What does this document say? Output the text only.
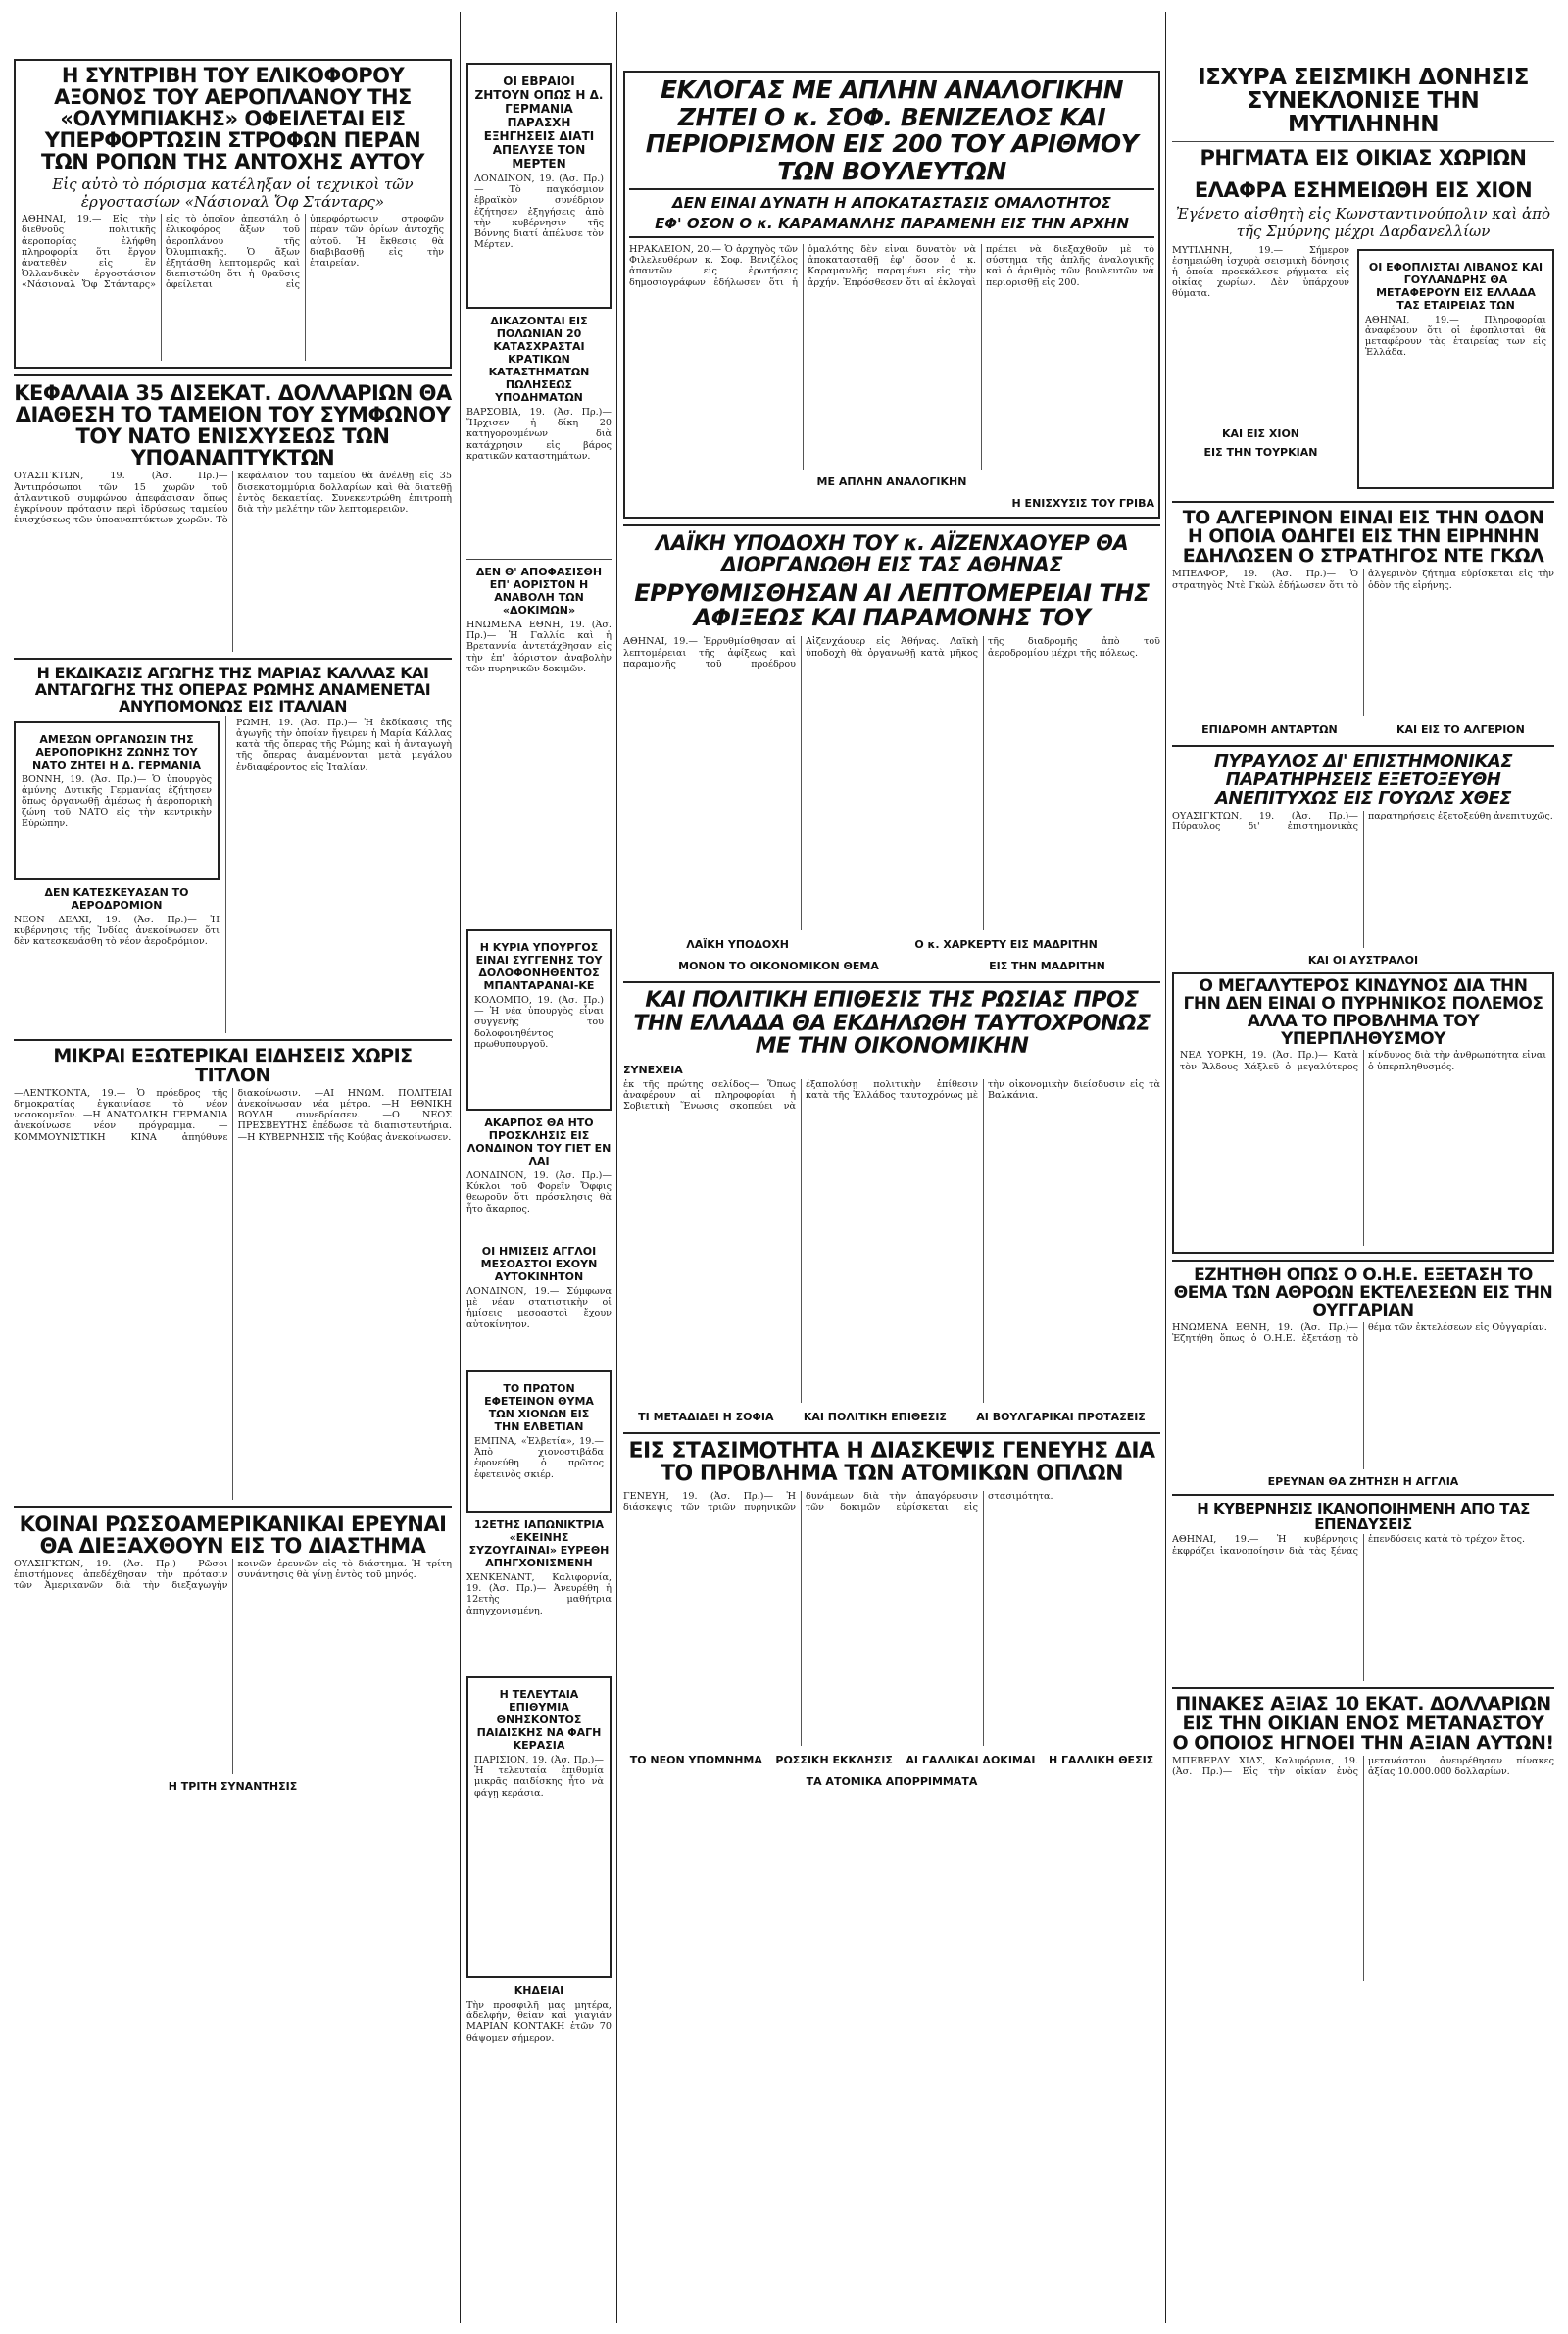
Η ΣΥΝΤΡΙΒΗ ΤΟΥ ΕΛΙΚΟΦΟΡΟΥ ΑΞΟΝΟΣ ΤΟΥ ΑΕΡΟΠΛΑΝΟΥ ΤΗΣ «ΟΛΥΜΠΙΑΚΗΣ» ΟΦΕΙΛΕΤΑΙ ΕΙΣ ΥΠΕΡΦΟΡΤΩΣΙΝ ΣΤΡΟΦΩΝ ΠΕΡΑΝ ΤΩΝ ΡΟΠΩΝ ΤΗΣ ΑΝΤΟΧΗΣ ΑΥΤΟΥ
Εἰς αὐτὸ τὸ πόρισμα κατέληξαν οἱ τεχνικοὶ τῶν ἐργοστασίων «Νάσιοναλ Ὄφ Στάνταρς»

ΑΘΗΝΑΙ, 19.— Εἰς τὴν διεθνοῦς πολιτικῆς ἀεροπορίας ἐλήφθη πληροφορία ὅτι ἔργον ἀνατεθὲν εἰς ἓν Ὀλλανδικὸν ἐργοστάσιον «Νάσιοναλ Ὄφ Στάνταρς» εἰς τὸ ὁποῖον ἀπεστάλη ὁ ἐλικοφόρος ἄξων τοῦ ἀεροπλάνου τῆς Ὀλυμπιακῆς. Ὁ ἄξων ἐξητάσθη λεπτομερῶς καὶ διεπιστώθη ὅτι ἡ θραῦσις ὀφείλεται εἰς ὑπερφόρτωσιν στροφῶν πέραν τῶν ὁρίων ἀντοχῆς αὐτοῦ. Ἡ ἔκθεσις θὰ διαβιβασθῇ εἰς τὴν ἐταιρείαν.

ΚΕΦΑΛΑΙΑ 35 ΔΙΣΕΚΑΤ. ΔΟΛΛΑΡΙΩΝ ΘΑ ΔΙΑΘΕΣΗ ΤΟ ΤΑΜΕΙΟΝ ΤΟΥ ΣΥΜΦΩΝΟΥ ΤΟΥ ΝΑΤΟ ΕΝΙΣΧΥΣΕΩΣ ΤΩΝ ΥΠΟΑΝΑΠΤΥΚΤΩΝ

ΟΥΑΣΙΓΚΤΩΝ, 19. (Ἀσ. Πρ.)— Ἀντιπρόσωποι τῶν 15 χωρῶν τοῦ ἀτλαντικοῦ συμφώνου ἀπεφάσισαν ὅπως ἐγκρίνουν πρότασιν περὶ ἱδρύσεως ταμείου ἐνισχύσεως τῶν ὑποαναπτύκτων χωρῶν. Τὸ κεφάλαιον τοῦ ταμείου θὰ ἀνέλθῃ εἰς 35 δισεκατομμύρια δολλαρίων καὶ θὰ διατεθῇ ἐντὸς δεκαετίας. Συνεκεντρώθη ἐπιτροπὴ διὰ τὴν μελέτην τῶν λεπτομερειῶν.

Η ΕΚΔΙΚΑΣΙΣ ΑΓΩΓΗΣ ΤΗΣ ΜΑΡΙΑΣ ΚΑΛΛΑΣ ΚΑΙ ΑΝΤΑΓΩΓΗΣ ΤΗΣ ΟΠΕΡΑΣ ΡΩΜΗΣ ΑΝΑΜΕΝΕΤΑΙ ΑΝΥΠΟΜΟΝΩΣ ΕΙΣ ΙΤΑΛΙΑΝ
ΑΜΕΣΩΝ ΟΡΓΑΝΩΣΙΝ ΤΗΣ ΑΕΡΟΠΟΡΙΚΗΣ ΖΩΝΗΣ ΤΟΥ ΝΑΤΟ ΖΗΤΕΙ Η Δ. ΓΕΡΜΑΝΙΑ

ΒΟΝΝΗ, 19. (Ἀσ. Πρ.)— Ὁ ὑπουργὸς ἀμύνης Δυτικῆς Γερμανίας ἐζήτησεν ὅπως ὀργανωθῇ ἀμέσως ἡ ἀεροπορικὴ ζώνη τοῦ ΝΑΤΟ εἰς τὴν κεντρικὴν Εὐρώπην.

ΔΕΝ ΚΑΤΕΣΚΕΥΑΣΑΝ ΤΟ ΑΕΡΟΔΡΟΜΙΟΝ

ΝΕΟΝ ΔΕΛΧΙ, 19. (Ἀσ. Πρ.)— Ἡ κυβέρνησις τῆς Ἰνδίας ἀνεκοίνωσεν ὅτι δὲν κατεσκευάσθη τὸ νέον ἀεροδρόμιον.

ΡΩΜΗ, 19. (Ἀσ. Πρ.)— Ἡ ἐκδίκασις τῆς ἀγωγῆς τὴν ὁποίαν ἤγειρεν ἡ Μαρία Κάλλας κατὰ τῆς ὄπερας τῆς Ρώμης καὶ ἡ ἀνταγωγὴ τῆς ὄπερας ἀναμένονται μετὰ μεγάλου ἐνδιαφέροντος εἰς Ἰταλίαν.

ΜΙΚΡΑΙ ΕΞΩΤΕΡΙΚΑΙ ΕΙΔΗΣΕΙΣ ΧΩΡΙΣ ΤΙΤΛΟΝ

—ΛΕΝΤΚΟΝΤΑ, 19.— Ὁ πρόεδρος τῆς δημοκρατίας ἐγκαινίασε τὸ νέον νοσοκομεῖον. —Η ΑΝΑΤΟΛΙΚΗ ΓΕΡΜΑΝΙΑ ἀνεκοίνωσε νέον πρόγραμμα. —ΚΟΜΜΟΥΝΙΣΤΙΚΗ ΚΙΝΑ ἀπηύθυνε διακοίνωσιν. —ΑΙ ΗΝΩΜ. ΠΟΛΙΤΕΙΑΙ ἀνεκοίνωσαν νέα μέτρα. —Η ΕΘΝΙΚΗ ΒΟΥΛΗ συνεδρίασεν. —Ο ΝΕΟΣ ΠΡΕΣΒΕΥΤΗΣ ἐπέδωσε τὰ διαπιστευτήρια. —Η ΚΥΒΕΡΝΗΣΙΣ τῆς Κούβας ἀνεκοίνωσεν.

ΚΟΙΝΑΙ ΡΩΣΣΟΑΜΕΡΙΚΑΝΙΚΑΙ ΕΡΕΥΝΑΙ ΘΑ ΔΙΕΞΑΧΘΟΥΝ ΕΙΣ ΤΟ ΔΙΑΣΤΗΜΑ

ΟΥΑΣΙΓΚΤΩΝ, 19. (Ἀσ. Πρ.)— Ρῶσοι ἐπιστήμονες ἀπεδέχθησαν τὴν πρότασιν τῶν Ἀμερικανῶν διὰ τὴν διεξαγωγὴν κοινῶν ἐρευνῶν εἰς τὸ διάστημα. Ἡ τρίτη συνάντησις θὰ γίνῃ ἐντὸς τοῦ μηνός.

Η ΤΡΙΤΗ ΣΥΝΑΝΤΗΣΙΣ
ΟΙ ΕΒΡΑΙΟΙ ΖΗΤΟΥΝ ΟΠΩΣ Η Δ. ΓΕΡΜΑΝΙΑ ΠΑΡΑΣΧΗ ΕΞΗΓΗΣΕΙΣ ΔΙΑΤΙ ΑΠΕΛΥΣΕ ΤΟΝ ΜΕΡΤΕΝ

ΛΟΝΔΙΝΟΝ, 19. (Ἀσ. Πρ.)— Τὸ παγκόσμιον ἑβραϊκὸν συνέδριον ἐζήτησεν ἐξηγήσεις ἀπὸ τὴν κυβέρνησιν τῆς Βόννης διατί ἀπέλυσε τὸν Μέρτεν.

ΔΙΚΑΖΟΝΤΑΙ ΕΙΣ ΠΟΛΩΝΙΑΝ 20 ΚΑΤΑΣΧΡΑΣΤΑΙ ΚΡΑΤΙΚΩΝ ΚΑΤΑΣΤΗΜΑΤΩΝ ΠΩΛΗΣΕΩΣ ΥΠΟΔΗΜΑΤΩΝ

ΒΑΡΣΟΒΙΑ, 19. (Ἀσ. Πρ.)— Ἤρχισεν ἡ δίκη 20 κατηγορουμένων διὰ κατάχρησιν εἰς βάρος κρατικῶν καταστημάτων.

ΔΕΝ Θ' ΑΠΟΦΑΣΙΣΘΗ ΕΠ' ΑΟΡΙΣΤΟΝ Η ΑΝΑΒΟΛΗ ΤΩΝ «ΔΟΚΙΜΩΝ»

ΗΝΩΜΕΝΑ ΕΘΝΗ, 19. (Ἀσ. Πρ.)— Ἡ Γαλλία καὶ ἡ Βρεταννία ἀντετάχθησαν εἰς τὴν ἐπ' ἀόριστον ἀναβολὴν τῶν πυρηνικῶν δοκιμῶν.

Η ΚΥΡΙΑ ΥΠΟΥΡΓΟΣ ΕΙΝΑΙ ΣΥΓΓΕΝΗΣ ΤΟΥ ΔΟΛΟΦΟΝΗΘΕΝΤΟΣ ΜΠΑΝΤΑΡΑΝΑΙ-ΚΕ

ΚΟΛΟΜΠΟ, 19. (Ἀσ. Πρ.)— Ἡ νέα ὑπουργὸς εἶναι συγγενὴς τοῦ δολοφονηθέντος πρωθυπουργοῦ.

ΑΚΑΡΠΟΣ ΘΑ ΗΤΟ ΠΡΟΣΚΛΗΣΙΣ ΕΙΣ ΛΟΝΔΙΝΟΝ ΤΟΥ ΓΙΕΤ ΕΝ ΛΑΙ

ΛΟΝΔΙΝΟΝ, 19. (Ἀσ. Πρ.)— Κύκλοι τοῦ Φορεΐν Ὄφφις θεωροῦν ὅτι πρόσκλησις θὰ ἦτο ἄκαρπος.

ΟΙ ΗΜΙΣΕΙΣ ΑΓΓΛΟΙ ΜΕΣΟΑΣΤΟΙ ΕΧΟΥΝ ΑΥΤΟΚΙΝΗΤΟΝ

ΛΟΝΔΙΝΟΝ, 19.— Σύμφωνα μὲ νέαν στατιστικὴν οἱ ἡμίσεις μεσοαστοὶ ἔχουν αὐτοκίνητον.

ΤΟ ΠΡΩΤΟΝ ΕΦΕΤΕΙΝΟΝ ΘΥΜΑ ΤΩΝ ΧΙΟΝΩΝ ΕΙΣ ΤΗΝ ΕΛΒΕΤΙΑΝ

ΕΜΠΝΑ, «Ἑλβετία», 19.— Ἀπὸ χιονοστιβάδα ἐφονεύθη ὁ πρῶτος ἐφετεινὸς σκιέρ.

12ΕΤΗΣ ΙΑΠΩΝΙΚΤΡΙΑ «ΕΚΕΙΝΗΣ ΣΥΖΟΥΓΑΙΝΑΙ» ΕΥΡΕΘΗ ΑΠΗΓΧΟΝΙΣΜΕΝΗ

ΧΕΝΚΕΝΑΝΤ, Καλιφορνία, 19. (Ἀσ. Πρ.)— Ἀνευρέθη ἡ 12ετὴς μαθήτρια ἀπηγχονισμένη.

Η ΤΕΛΕΥΤΑΙΑ ΕΠΙΘΥΜΙΑ ΘΝΗΣΚΟΝΤΟΣ ΠΑΙΔΙΣΚΗΣ ΝΑ ΦΑΓΗ ΚΕΡΑΣΙΑ

ΠΑΡΙΣΙΟΝ, 19. (Ἀσ. Πρ.)— Ἡ τελευταία ἐπιθυμία μικρᾶς παιδίσκης ἦτο νὰ φάγῃ κεράσια.

ΚΗΔΕΙΑΙ

Τὴν προσφιλῆ μας μητέρα, ἀδελφήν, θείαν καὶ γιαγιάν ΜΑΡΙΑΝ ΚΟΝΤΑΚΗ ἐτῶν 70 θάψομεν σήμερον.

ΕΚΛΟΓΑΣ ΜΕ ΑΠΛΗΝ ΑΝΑΛΟΓΙΚΗΝ ΖΗΤΕΙ Ο κ. ΣΟΦ. ΒΕΝΙΖΕΛΟΣ ΚΑΙ ΠΕΡΙΟΡΙΣΜΟΝ ΕΙΣ 200 ΤΟΥ ΑΡΙΘΜΟΥ ΤΩΝ ΒΟΥΛΕΥΤΩΝ
ΔΕΝ ΕΙΝΑΙ ΔΥΝΑΤΗ Η ΑΠΟΚΑΤΑΣΤΑΣΙΣ ΟΜΑΛΟΤΗΤΟΣ
ΕΦ' ΟΣΟΝ Ο κ. ΚΑΡΑΜΑΝΛΗΣ ΠΑΡΑΜΕΝΗ ΕΙΣ ΤΗΝ ΑΡΧΗΝ

ΗΡΑΚΛΕΙΟΝ, 20.— Ὁ ἀρχηγὸς τῶν Φιλελευθέρων κ. Σοφ. Βενιζέλος ἀπαντῶν εἰς ἐρωτήσεις δημοσιογράφων ἐδήλωσεν ὅτι ἡ ὁμαλότης δὲν εἶναι δυνατὸν νὰ ἀποκατασταθῇ ἐφ' ὅσον ὁ κ. Καραμανλῆς παραμένει εἰς τὴν ἀρχήν. Ἐπρόσθεσεν ὅτι αἱ ἐκλογαὶ πρέπει νὰ διεξαχθοῦν μὲ τὸ σύστημα τῆς ἁπλῆς ἀναλογικῆς καὶ ὁ ἀριθμὸς τῶν βουλευτῶν νὰ περιορισθῇ εἰς 200.

ΜΕ ΑΠΛΗΝ ΑΝΑΛΟΓΙΚΗΝ
Η ΕΝΙΣΧΥΣΙΣ ΤΟΥ ΓΡΙΒΑ
ΛΑΪΚΗ ΥΠΟΔΟΧΗ ΤΟΥ κ. ΑΪΖΕΝΧΑΟΥΕΡ ΘΑ ΔΙΟΡΓΑΝΩΘΗ ΕΙΣ ΤΑΣ ΑΘΗΝΑΣ
ΕΡΡΥΘΜΙΣΘΗΣΑΝ ΑΙ ΛΕΠΤΟΜΕΡΕΙΑΙ ΤΗΣ ΑΦΙΞΕΩΣ ΚΑΙ ΠΑΡΑΜΟΝΗΣ ΤΟΥ

ΑΘΗΝΑΙ, 19.— Ἐρρυθμίσθησαν αἱ λεπτομέρειαι τῆς ἀφίξεως καὶ παραμονῆς τοῦ προέδρου Αἰζενχάουερ εἰς Ἀθήνας. Λαϊκὴ ὑποδοχὴ θὰ ὀργανωθῇ κατὰ μῆκος τῆς διαδρομῆς ἀπὸ τοῦ ἀεροδρομίου μέχρι τῆς πόλεως.

ΛΑΪΚΗ ΥΠΟΔΟΧΗ	Ο κ. ΧΑΡΚΕΡΤΥ ΕΙΣ ΜΑΔΡΙΤΗΝ
ΜΟΝΟΝ ΤΟ ΟΙΚΟΝΟΜΙΚΟΝ ΘΕΜΑ	ΕΙΣ ΤΗΝ ΜΑΔΡΙΤΗΝ
ΚΑΙ ΠΟΛΙΤΙΚΗ ΕΠΙΘΕΣΙΣ ΤΗΣ ΡΩΣΙΑΣ ΠΡΟΣ ΤΗΝ ΕΛΛΑΔΑ ΘΑ ΕΚΔΗΛΩΘΗ ΤΑΥΤΟΧΡΟΝΩΣ ΜΕ ΤΗΝ ΟΙΚΟΝΟΜΙΚΗΝ
ΣΥΝΕΧΕΙΑ

ἐκ τῆς πρώτης σελίδος— Ὅπως ἀναφέρουν αἱ πληροφορίαι ἡ Σοβιετικὴ Ἕνωσις σκοπεύει νὰ ἐξαπολύσῃ πολιτικὴν ἐπίθεσιν κατὰ τῆς Ἑλλάδος ταυτοχρόνως μὲ τὴν οἰκονομικὴν διείσδυσιν εἰς τὰ Βαλκάνια.

ΤΙ ΜΕΤΑΔΙΔΕΙ Η ΣΟΦΙΑ	ΚΑΙ ΠΟΛΙΤΙΚΗ ΕΠΙΘΕΣΙΣ	ΑΙ ΒΟΥΛΓΑΡΙΚΑΙ ΠΡΟΤΑΣΕΙΣ
ΕΙΣ ΣΤΑΣΙΜΟΤΗΤΑ Η ΔΙΑΣΚΕΨΙΣ ΓΕΝΕΥΗΣ ΔΙΑ ΤΟ ΠΡΟΒΛΗΜΑ ΤΩΝ ΑΤΟΜΙΚΩΝ ΟΠΛΩΝ

ΓΕΝΕΥΗ, 19. (Ἀσ. Πρ.)— Ἡ διάσκεψις τῶν τριῶν πυρηνικῶν δυνάμεων διὰ τὴν ἀπαγόρευσιν τῶν δοκιμῶν εὑρίσκεται εἰς στασιμότητα.

ΤΟ ΝΕΟΝ ΥΠΟΜΝΗΜΑ ΡΩΣΣΙΚΗ ΕΚΚΛΗΣΙΣ ΑΙ ΓΑΛΛΙΚΑΙ ΔΟΚΙΜΑΙ Η ΓΑΛΛΙΚΗ ΘΕΣΙΣ
ΤΑ ΑΤΟΜΙΚΑ ΑΠΟΡΡΙΜΜΑΤΑ
ΙΣΧΥΡΑ ΣΕΙΣΜΙΚΗ ΔΟΝΗΣΙΣ ΣΥΝΕΚΛΟΝΙΣΕ ΤΗΝ ΜΥΤΙΛΗΝΗΝ
ΡΗΓΜΑΤΑ ΕΙΣ ΟΙΚΙΑΣ ΧΩΡΙΩΝ
ΕΛΑΦΡΑ ΕΣΗΜΕΙΩΘΗ ΕΙΣ ΧΙΟΝ
Ἐγένετο αἰσθητὴ εἰς Κωνσταντινούπολιν καὶ ἀπὸ τῆς Σμύρνης μέχρι Δαρδανελλίων

ΜΥΤΙΛΗΝΗ, 19.— Σήμερον ἐσημειώθη ἰσχυρὰ σεισμικὴ δόνησις ἡ ὁποία προεκάλεσε ρήγματα εἰς οἰκίας χωρίων. Δὲν ὑπάρχουν θύματα.

ΚΑΙ ΕΙΣ ΧΙΟΝ
ΕΙΣ ΤΗΝ ΤΟΥΡΚΙΑΝ
ΟΙ ΕΦΟΠΛΙΣΤΑΙ ΛΙΒΑΝΟΣ ΚΑΙ ΓΟΥΛΑΝΔΡΗΣ ΘΑ ΜΕΤΑΦΕΡΟΥΝ ΕΙΣ ΕΛΛΑΔΑ ΤΑΣ ΕΤΑΙΡΕΙΑΣ ΤΩΝ

ΑΘΗΝΑΙ, 19.— Πληροφορίαι ἀναφέρουν ὅτι οἱ ἐφοπλισταὶ θὰ μεταφέρουν τὰς ἑταιρείας των εἰς Ἑλλάδα.

ΤΟ ΑΛΓΕΡΙΝΟΝ ΕΙΝΑΙ ΕΙΣ ΤΗΝ ΟΔΟΝ Η ΟΠΟΙΑ ΟΔΗΓΕΙ ΕΙΣ ΤΗΝ ΕΙΡΗΝΗΝ ΕΔΗΛΩΣΕΝ Ο ΣΤΡΑΤΗΓΟΣ ΝΤΕ ΓΚΩΛ

ΜΠΕΛΦΟΡ, 19. (Ἀσ. Πρ.)— Ὁ στρατηγὸς Ντὲ Γκὼλ ἐδήλωσεν ὅτι τὸ ἀλγερινὸν ζήτημα εὑρίσκεται εἰς τὴν ὁδὸν τῆς εἰρήνης.

ΕΠΙΔΡΟΜΗ ΑΝΤΑΡΤΩΝ	ΚΑΙ ΕΙΣ ΤΟ ΑΛΓΕΡΙΟΝ
ΠΥΡΑΥΛΟΣ ΔΙ' ΕΠΙΣΤΗΜΟΝΙΚΑΣ ΠΑΡΑΤΗΡΗΣΕΙΣ ΕΞΕΤΟΞΕΥΘΗ ΑΝΕΠΙΤΥΧΩΣ ΕΙΣ ΓΟΥΩΛΣ ΧΘΕΣ

ΟΥΑΣΙΓΚΤΩΝ, 19. (Ἀσ. Πρ.)— Πύραυλος δι' ἐπιστημονικὰς παρατηρήσεις ἐξετοξεύθη ἀνεπιτυχῶς.

ΚΑΙ ΟΙ ΑΥΣΤΡΑΛΟΙ
Ο ΜΕΓΑΛΥΤΕΡΟΣ ΚΙΝΔΥΝΟΣ ΔΙΑ ΤΗΝ ΓΗΝ ΔΕΝ ΕΙΝΑΙ Ο ΠΥΡΗΝΙΚΟΣ ΠΟΛΕΜΟΣ ΑΛΛΑ ΤΟ ΠΡΟΒΛΗΜΑ ΤΟΥ ΥΠΕΡΠΛΗΘΥΣΜΟΥ

ΝΕΑ ΥΟΡΚΗ, 19. (Ἀσ. Πρ.)— Κατὰ τὸν Ἄλδους Χάξλεϋ ὁ μεγαλύτερος κίνδυνος διὰ τὴν ἀνθρωπότητα εἶναι ὁ ὑπερπληθυσμός.

ΕΖΗΤΗΘΗ ΟΠΩΣ Ο Ο.Η.Ε. ΕΞΕΤΑΣΗ ΤΟ ΘΕΜΑ ΤΩΝ ΑΘΡΟΩΝ ΕΚΤΕΛΕΣΕΩΝ ΕΙΣ ΤΗΝ ΟΥΓΓΑΡΙΑΝ

ΗΝΩΜΕΝΑ ΕΘΝΗ, 19. (Ἀσ. Πρ.)— Ἐζητήθη ὅπως ὁ Ο.Η.Ε. ἐξετάσῃ τὸ θέμα τῶν ἐκτελέσεων εἰς Οὐγγαρίαν.

ΕΡΕΥΝΑΝ ΘΑ ΖΗΤΗΣΗ Η ΑΓΓΛΙΑ
Η ΚΥΒΕΡΝΗΣΙΣ ΙΚΑΝΟΠΟΙΗΜΕΝΗ ΑΠΟ ΤΑΣ ΕΠΕΝΔΥΣΕΙΣ

ΑΘΗΝΑΙ, 19.— Ἡ κυβέρνησις ἐκφράζει ἱκανοποίησιν διὰ τὰς ξένας ἐπενδύσεις κατὰ τὸ τρέχον ἔτος.

ΠΙΝΑΚΕΣ ΑΞΙΑΣ 10 ΕΚΑΤ. ΔΟΛΛΑΡΙΩΝ ΕΙΣ ΤΗΝ ΟΙΚΙΑΝ ΕΝΟΣ ΜΕΤΑΝΑΣΤΟΥ Ο ΟΠΟΙΟΣ ΗΓΝΟΕΙ ΤΗΝ ΑΞΙΑΝ ΑΥΤΩΝ!

ΜΠΕΒΕΡΛΥ ΧΙΛΣ, Καλιφόρνια, 19. (Ἀσ. Πρ.)— Εἰς τὴν οἰκίαν ἑνὸς μετανάστου ἀνευρέθησαν πίνακες ἀξίας 10.000.000 δολλαρίων.
